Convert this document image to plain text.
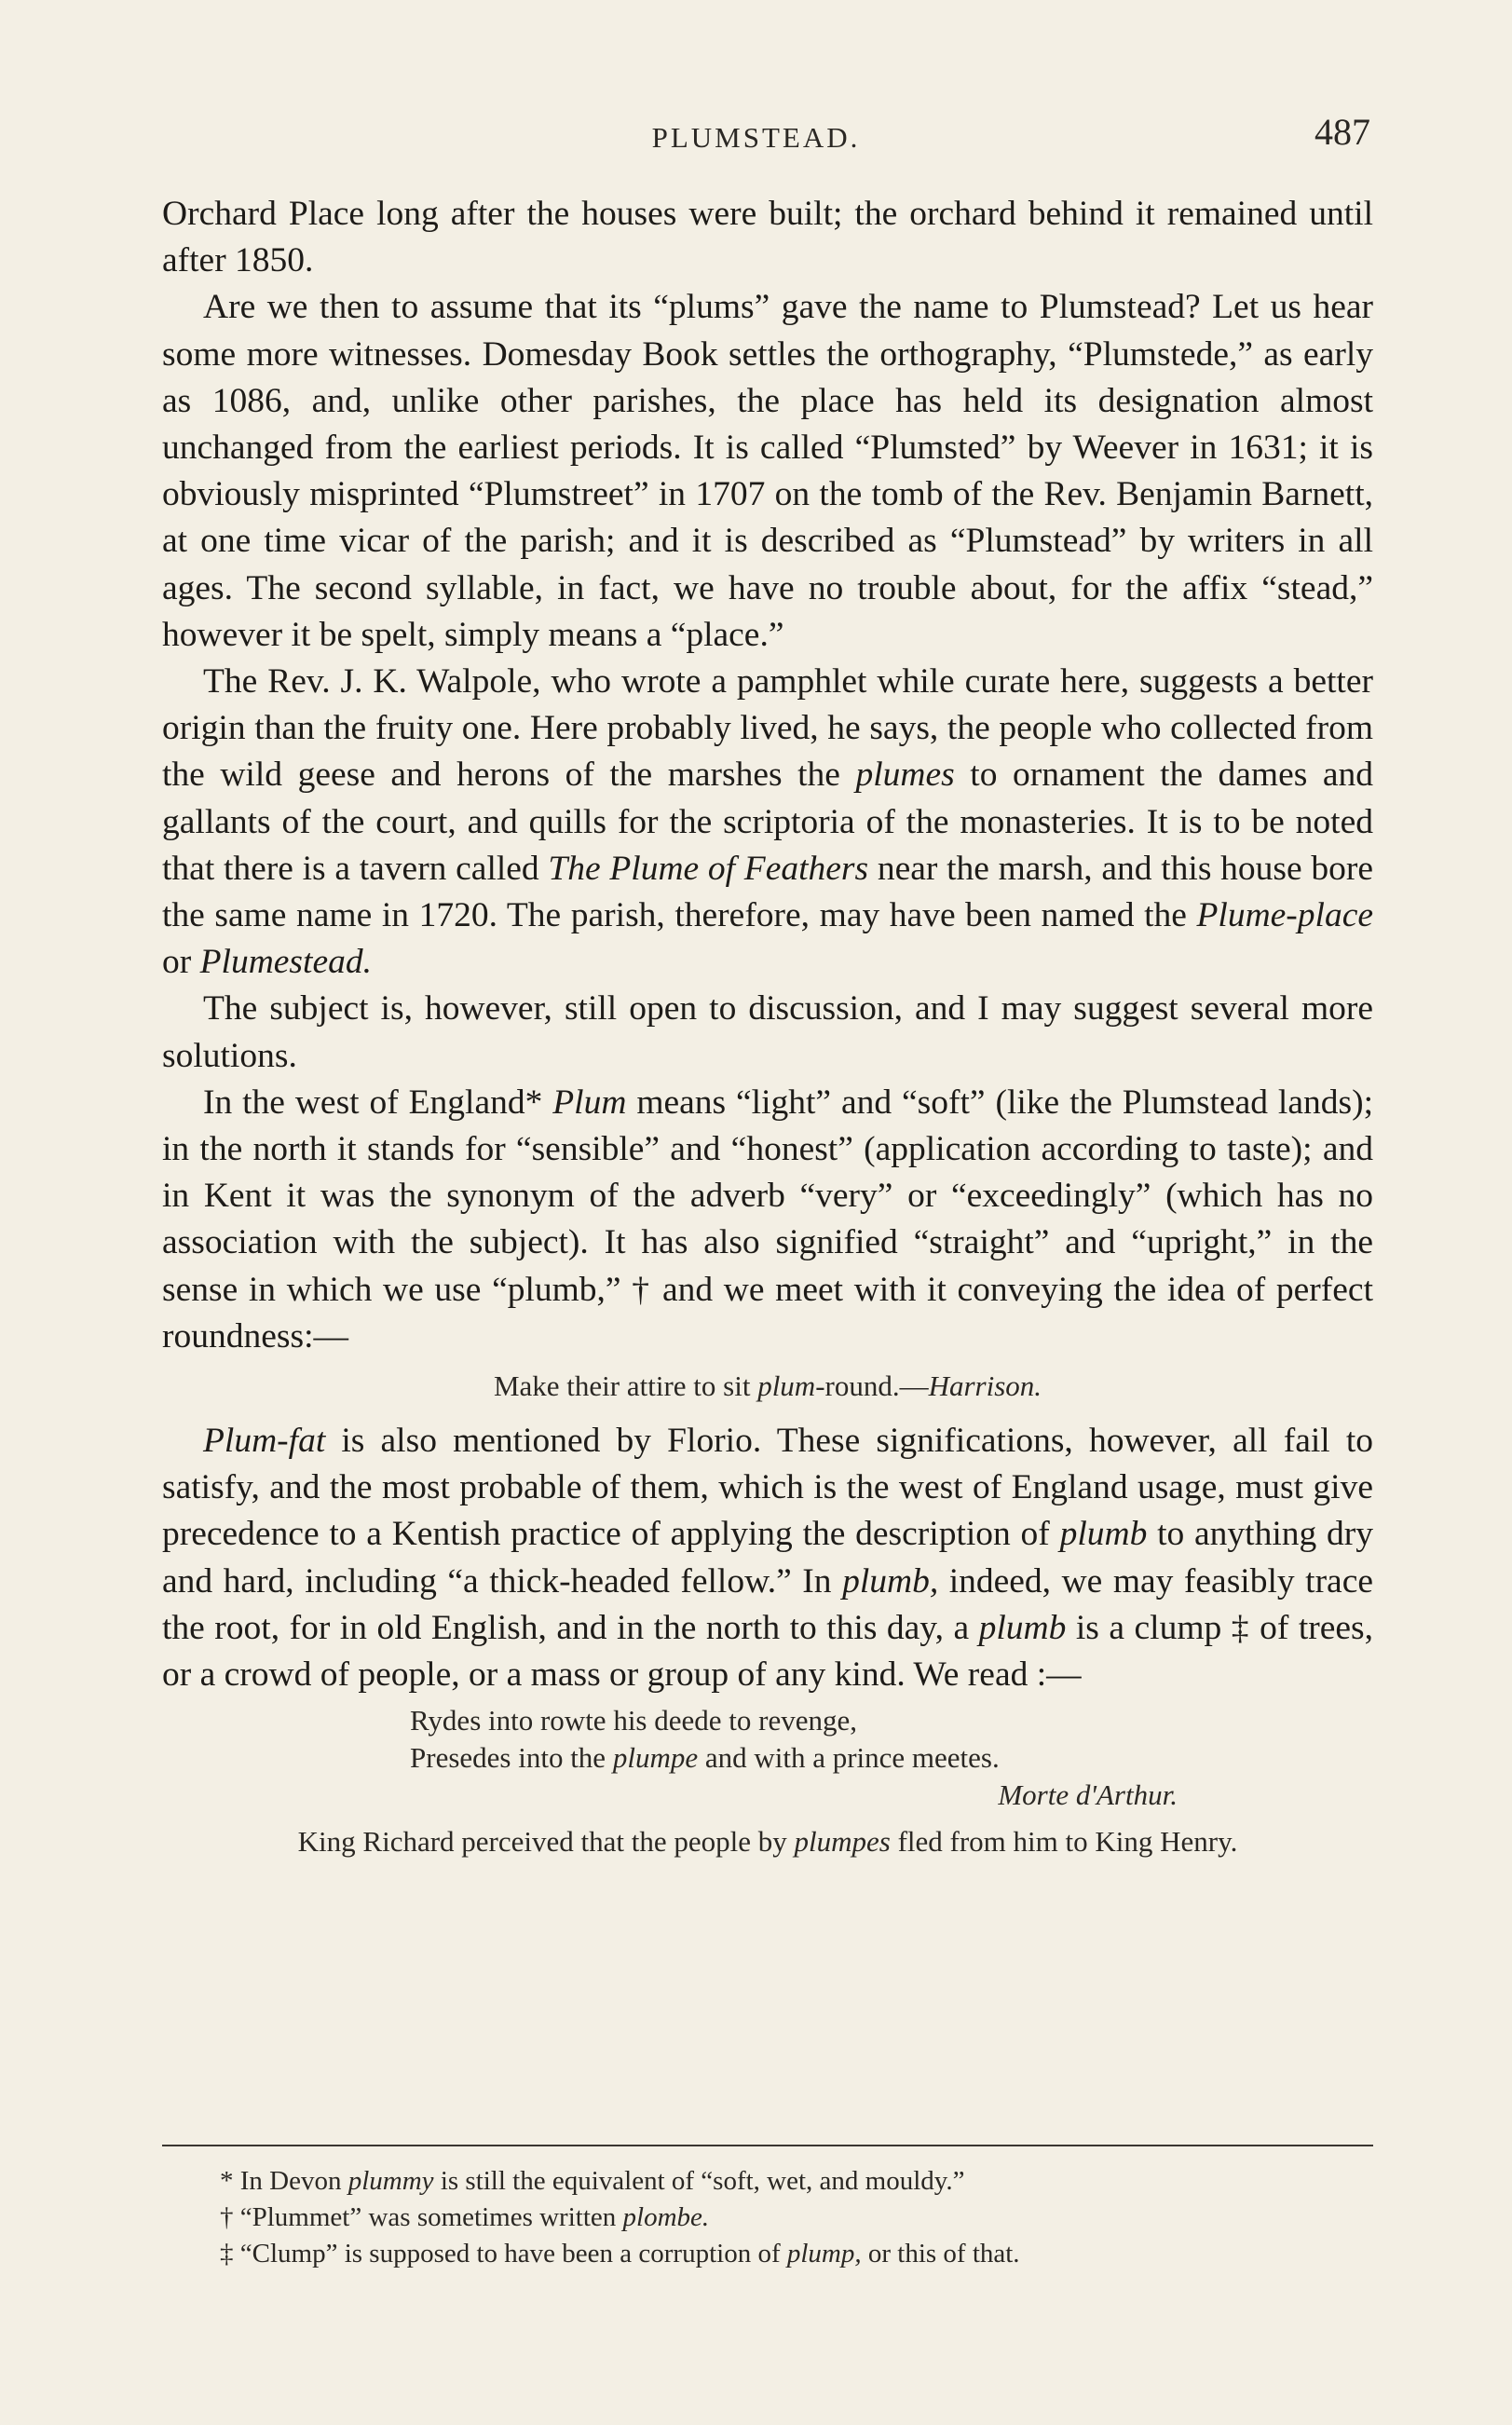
PLUMSTEAD.	487

Orchard Place long after the houses were built; the orchard behind it remained until after 1850.

Are we then to assume that its “plums” gave the name to Plumstead? Let us hear some more witnesses. Domesday Book settles the orthography, “Plumstede,” as early as 1086, and, unlike other parishes, the place has held its designation almost unchanged from the earliest periods. It is called “Plumsted” by Weever in 1631; it is obviously misprinted “Plumstreet” in 1707 on the tomb of the Rev. Benjamin Barnett, at one time vicar of the parish; and it is described as “Plumstead” by writers in all ages. The second syllable, in fact, we have no trouble about, for the affix “stead,” however it be spelt, simply means a “place.”

The Rev. J. K. Walpole, who wrote a pamphlet while curate here, suggests a better origin than the fruity one. Here probably lived, he says, the people who collected from the wild geese and herons of the marshes the plumes to ornament the dames and gallants of the court, and quills for the scriptoria of the monasteries. It is to be noted that there is a tavern called The Plume of Feathers near the marsh, and this house bore the same name in 1720. The parish, therefore, may have been named the Plume-place or Plumestead.

The subject is, however, still open to discussion, and I may suggest several more solutions.

In the west of England* Plum means “light” and “soft” (like the Plumstead lands); in the north it stands for “sensible” and “honest” (application according to taste); and in Kent it was the synonym of the adverb “very” or “exceedingly” (which has no association with the subject). It has also signified “straight” and “upright,” in the sense in which we use “plumb,” † and we meet with it conveying the idea of perfect roundness:—

Make their attire to sit plum-round.—Harrison.

Plum-fat is also mentioned by Florio. These significations, however, all fail to satisfy, and the most probable of them, which is the west of England usage, must give precedence to a Kentish practice of applying the description of plumb to anything dry and hard, including “a thick-headed fellow.” In plumb, indeed, we may feasibly trace the root, for in old English, and in the north to this day, a plumb is a clump ‡ of trees, or a crowd of people, or a mass or group of any kind. We read :—

Rydes into rowte his deede to revenge,
Presedes into the plumpe and with a prince meetes.
Morte d'Arthur.
King Richard perceived that the people by plumpes fled from him to King Henry.
* In Devon plummy is still the equivalent of “soft, wet, and mouldy.”
† “Plummet” was sometimes written plombe.
‡ “Clump” is supposed to have been a corruption of plump, or this of that.
